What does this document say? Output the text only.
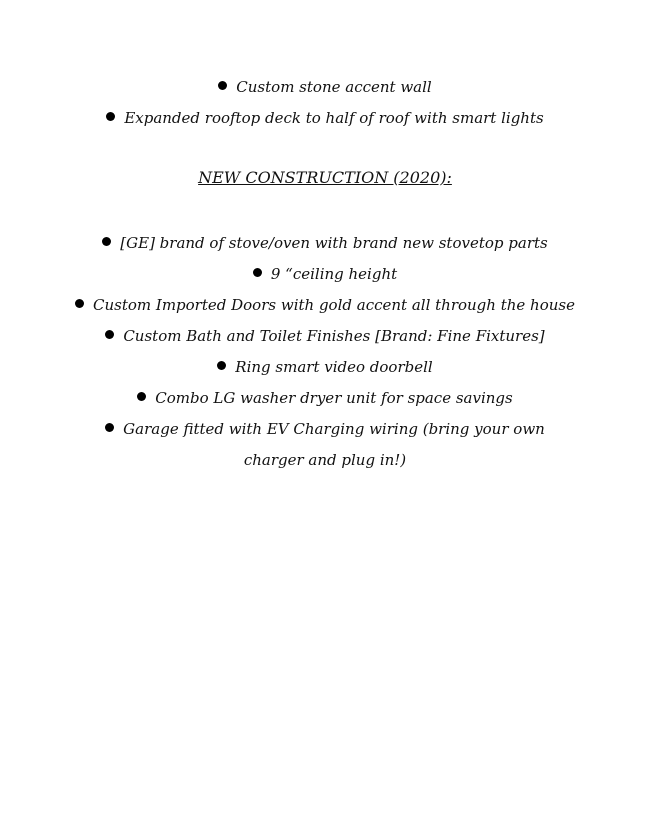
Custom stone accent wall
Expanded rooftop deck to half of roof with smart lights
NEW CONSTRUCTION (2020):
[GE] brand of stove/oven with brand new stovetop parts
9 “ceiling height
Custom Imported Doors with gold accent all through the house
Custom Bath and Toilet Finishes [Brand: Fine Fixtures]
Ring smart video doorbell
Combo LG washer dryer unit for space savings
Garage fitted with EV Charging wiring (bring your own charger and plug in!)
